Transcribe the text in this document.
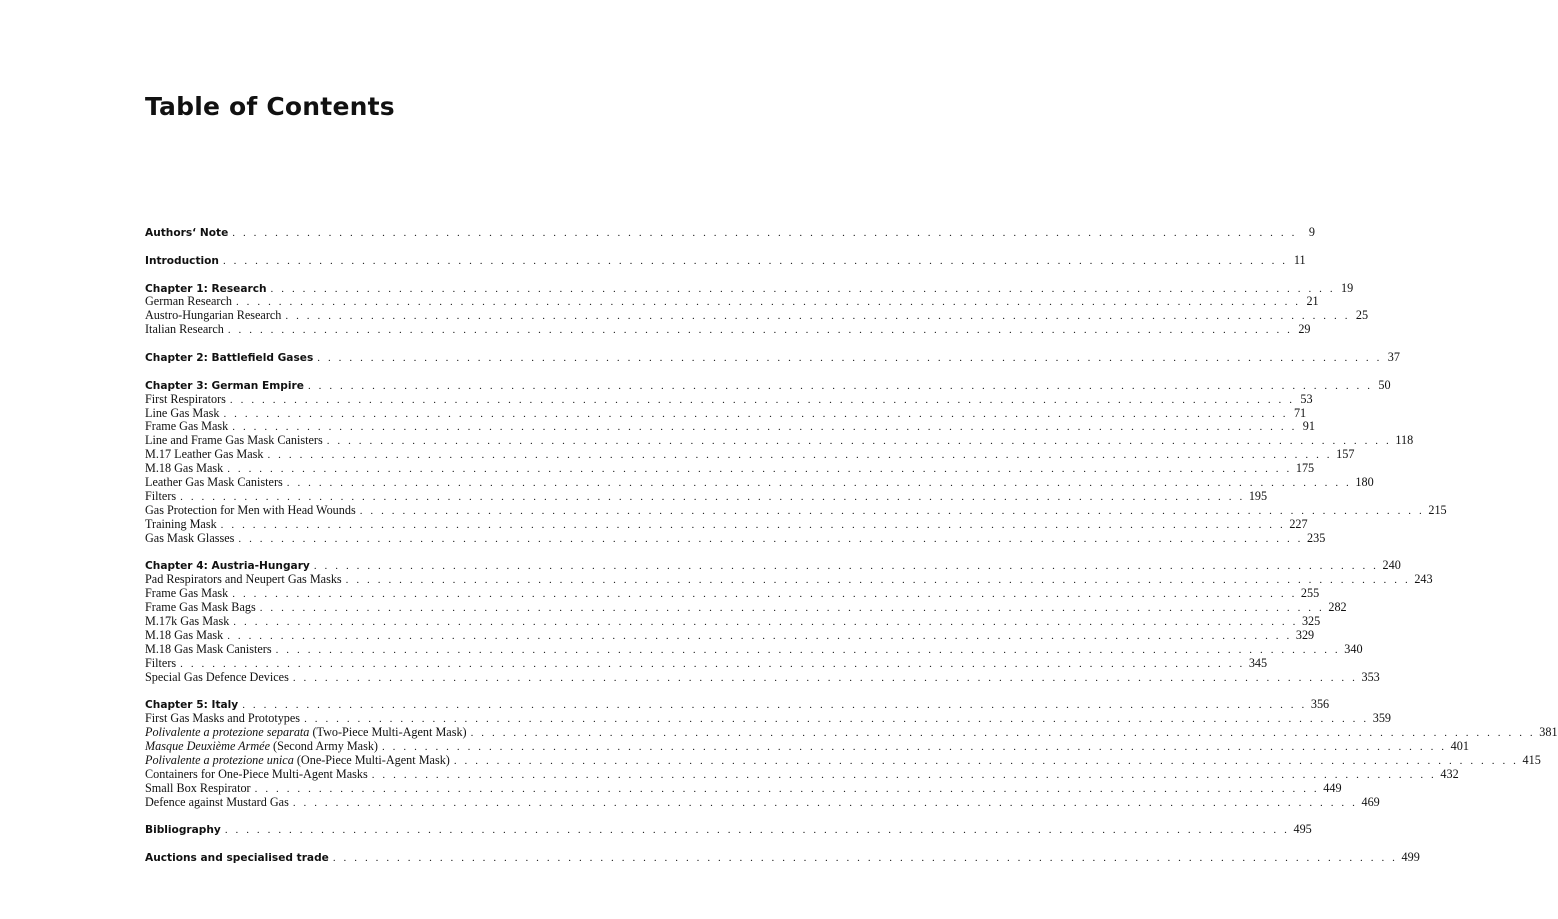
Table of Contents
Authors‘ Note . . . . . . . . . . . . . . . . . . . . . . . . . . . . . . . . . . . . . . . . . . . . . . . . . . . . . . . . . . . . . . . . . . . . . . . . . . . . . . . . . . . . . . . . . . . . . . . . . . . . 9
Introduction . . . . . . . . . . . . . . . . . . . . . . . . . . . . . . . . . . . . . . . . . . . . . . . . . . . . . . . . . . . . . . . . . . . . . . . . . . . . . . . . . . . . . . . . . . . . . . . . . . . . 11
Chapter 1: Research . . . . . . . . . . . . . . . . . . . . . . . . . . . . . . . . . . . . . . . . . . . . . . . . . . . . . . . . . . . . . . . . . . . . . . . . . . . . . . . . . . . . . . . . . . . . . . . . . . . . 19
German Research . . . . . . . . . . . . . . . . . . . . . . . . . . . . . . . . . . . . . . . . . . . . . . . . . . . . . . . . . . . . . . . . . . . . . . . . . . . . . . . . . . . . . . . . . . . . . . . . . . . . 21
Austro-Hungarian Research . . . . . . . . . . . . . . . . . . . . . . . . . . . . . . . . . . . . . . . . . . . . . . . . . . . . . . . . . . . . . . . . . . . . . . . . . . . . . . . . . . . . . . . . . . . . . . . . . . . . 25
Italian Research . . . . . . . . . . . . . . . . . . . . . . . . . . . . . . . . . . . . . . . . . . . . . . . . . . . . . . . . . . . . . . . . . . . . . . . . . . . . . . . . . . . . . . . . . . . . . . . . . . . . 29
Chapter 2: Battlefield Gases . . . . . . . . . . . . . . . . . . . . . . . . . . . . . . . . . . . . . . . . . . . . . . . . . . . . . . . . . . . . . . . . . . . . . . . . . . . . . . . . . . . . . . . . . . . . . . . . . . . . 37
Chapter 3: German Empire . . . . . . . . . . . . . . . . . . . . . . . . . . . . . . . . . . . . . . . . . . . . . . . . . . . . . . . . . . . . . . . . . . . . . . . . . . . . . . . . . . . . . . . . . . . . . . . . . . . . 50
First Respirators . . . . . . . . . . . . . . . . . . . . . . . . . . . . . . . . . . . . . . . . . . . . . . . . . . . . . . . . . . . . . . . . . . . . . . . . . . . . . . . . . . . . . . . . . . . . . . . . . . . . 53
Line Gas Mask . . . . . . . . . . . . . . . . . . . . . . . . . . . . . . . . . . . . . . . . . . . . . . . . . . . . . . . . . . . . . . . . . . . . . . . . . . . . . . . . . . . . . . . . . . . . . . . . . . . . 71
Frame Gas Mask . . . . . . . . . . . . . . . . . . . . . . . . . . . . . . . . . . . . . . . . . . . . . . . . . . . . . . . . . . . . . . . . . . . . . . . . . . . . . . . . . . . . . . . . . . . . . . . . . . . . 91
Line and Frame Gas Mask Canisters . . . . . . . . . . . . . . . . . . . . . . . . . . . . . . . . . . . . . . . . . . . . . . . . . . . . . . . . . . . . . . . . . . . . . . . . . . . . . . . . . . . . . . . . . . . . . . . . . . . . 118
M.17 Leather Gas Mask . . . . . . . . . . . . . . . . . . . . . . . . . . . . . . . . . . . . . . . . . . . . . . . . . . . . . . . . . . . . . . . . . . . . . . . . . . . . . . . . . . . . . . . . . . . . . . . . . . . . 157
M.18 Gas Mask . . . . . . . . . . . . . . . . . . . . . . . . . . . . . . . . . . . . . . . . . . . . . . . . . . . . . . . . . . . . . . . . . . . . . . . . . . . . . . . . . . . . . . . . . . . . . . . . . . . . 175
Leather Gas Mask Canisters . . . . . . . . . . . . . . . . . . . . . . . . . . . . . . . . . . . . . . . . . . . . . . . . . . . . . . . . . . . . . . . . . . . . . . . . . . . . . . . . . . . . . . . . . . . . . . . . . . . . 180
Filters . . . . . . . . . . . . . . . . . . . . . . . . . . . . . . . . . . . . . . . . . . . . . . . . . . . . . . . . . . . . . . . . . . . . . . . . . . . . . . . . . . . . . . . . . . . . . . . . . . . . 195
Gas Protection for Men with Head Wounds . . . . . . . . . . . . . . . . . . . . . . . . . . . . . . . . . . . . . . . . . . . . . . . . . . . . . . . . . . . . . . . . . . . . . . . . . . . . . . . . . . . . . . . . . . . . . . . . . . . . 215
Training Mask . . . . . . . . . . . . . . . . . . . . . . . . . . . . . . . . . . . . . . . . . . . . . . . . . . . . . . . . . . . . . . . . . . . . . . . . . . . . . . . . . . . . . . . . . . . . . . . . . . . . 227
Gas Mask Glasses . . . . . . . . . . . . . . . . . . . . . . . . . . . . . . . . . . . . . . . . . . . . . . . . . . . . . . . . . . . . . . . . . . . . . . . . . . . . . . . . . . . . . . . . . . . . . . . . . . . . 235
Chapter 4: Austria-Hungary . . . . . . . . . . . . . . . . . . . . . . . . . . . . . . . . . . . . . . . . . . . . . . . . . . . . . . . . . . . . . . . . . . . . . . . . . . . . . . . . . . . . . . . . . . . . . . . . . . . . 240
Pad Respirators and Neupert Gas Masks . . . . . . . . . . . . . . . . . . . . . . . . . . . . . . . . . . . . . . . . . . . . . . . . . . . . . . . . . . . . . . . . . . . . . . . . . . . . . . . . . . . . . . . . . . . . . . . . . . . . 243
Frame Gas Mask . . . . . . . . . . . . . . . . . . . . . . . . . . . . . . . . . . . . . . . . . . . . . . . . . . . . . . . . . . . . . . . . . . . . . . . . . . . . . . . . . . . . . . . . . . . . . . . . . . . . 255
Frame Gas Mask Bags . . . . . . . . . . . . . . . . . . . . . . . . . . . . . . . . . . . . . . . . . . . . . . . . . . . . . . . . . . . . . . . . . . . . . . . . . . . . . . . . . . . . . . . . . . . . . . . . . . . . 282
M.17k Gas Mask . . . . . . . . . . . . . . . . . . . . . . . . . . . . . . . . . . . . . . . . . . . . . . . . . . . . . . . . . . . . . . . . . . . . . . . . . . . . . . . . . . . . . . . . . . . . . . . . . . . . 325
M.18 Gas Mask . . . . . . . . . . . . . . . . . . . . . . . . . . . . . . . . . . . . . . . . . . . . . . . . . . . . . . . . . . . . . . . . . . . . . . . . . . . . . . . . . . . . . . . . . . . . . . . . . . . . 329
M.18 Gas Mask Canisters . . . . . . . . . . . . . . . . . . . . . . . . . . . . . . . . . . . . . . . . . . . . . . . . . . . . . . . . . . . . . . . . . . . . . . . . . . . . . . . . . . . . . . . . . . . . . . . . . . . . 340
Filters . . . . . . . . . . . . . . . . . . . . . . . . . . . . . . . . . . . . . . . . . . . . . . . . . . . . . . . . . . . . . . . . . . . . . . . . . . . . . . . . . . . . . . . . . . . . . . . . . . . . 345
Special Gas Defence Devices . . . . . . . . . . . . . . . . . . . . . . . . . . . . . . . . . . . . . . . . . . . . . . . . . . . . . . . . . . . . . . . . . . . . . . . . . . . . . . . . . . . . . . . . . . . . . . . . . . . . 353
Chapter 5: Italy . . . . . . . . . . . . . . . . . . . . . . . . . . . . . . . . . . . . . . . . . . . . . . . . . . . . . . . . . . . . . . . . . . . . . . . . . . . . . . . . . . . . . . . . . . . . . . . . . . . . 356
First Gas Masks and Prototypes . . . . . . . . . . . . . . . . . . . . . . . . . . . . . . . . . . . . . . . . . . . . . . . . . . . . . . . . . . . . . . . . . . . . . . . . . . . . . . . . . . . . . . . . . . . . . . . . . . . . 359
Polivalente a protezione separata (Two-Piece Multi-Agent Mask) . . . . . . . . . . . . . . . . . . . . . . . . . . . . . . . . . . . . . . . . . . . . . . . . . . . . . . . . . . . . . . . . . . . . . . . . . . . . . . . . . . . . . . . . . . . . . . . . . . . . 381
Masque Deuxième Armée (Second Army Mask) . . . . . . . . . . . . . . . . . . . . . . . . . . . . . . . . . . . . . . . . . . . . . . . . . . . . . . . . . . . . . . . . . . . . . . . . . . . . . . . . . . . . . . . . . . . . . . . . . . . . 401
Polivalente a protezione unica (One-Piece Multi-Agent Mask) . . . . . . . . . . . . . . . . . . . . . . . . . . . . . . . . . . . . . . . . . . . . . . . . . . . . . . . . . . . . . . . . . . . . . . . . . . . . . . . . . . . . . . . . . . . . . . . . . . . . 415
Containers for One-Piece Multi-Agent Masks . . . . . . . . . . . . . . . . . . . . . . . . . . . . . . . . . . . . . . . . . . . . . . . . . . . . . . . . . . . . . . . . . . . . . . . . . . . . . . . . . . . . . . . . . . . . . . . . . . . . 432
Small Box Respirator . . . . . . . . . . . . . . . . . . . . . . . . . . . . . . . . . . . . . . . . . . . . . . . . . . . . . . . . . . . . . . . . . . . . . . . . . . . . . . . . . . . . . . . . . . . . . . . . . . . . 449
Defence against Mustard Gas . . . . . . . . . . . . . . . . . . . . . . . . . . . . . . . . . . . . . . . . . . . . . . . . . . . . . . . . . . . . . . . . . . . . . . . . . . . . . . . . . . . . . . . . . . . . . . . . . . . . 469
Bibliography . . . . . . . . . . . . . . . . . . . . . . . . . . . . . . . . . . . . . . . . . . . . . . . . . . . . . . . . . . . . . . . . . . . . . . . . . . . . . . . . . . . . . . . . . . . . . . . . . . . . 495
Auctions and specialised trade . . . . . . . . . . . . . . . . . . . . . . . . . . . . . . . . . . . . . . . . . . . . . . . . . . . . . . . . . . . . . . . . . . . . . . . . . . . . . . . . . . . . . . . . . . . . . . . . . . . . 499
